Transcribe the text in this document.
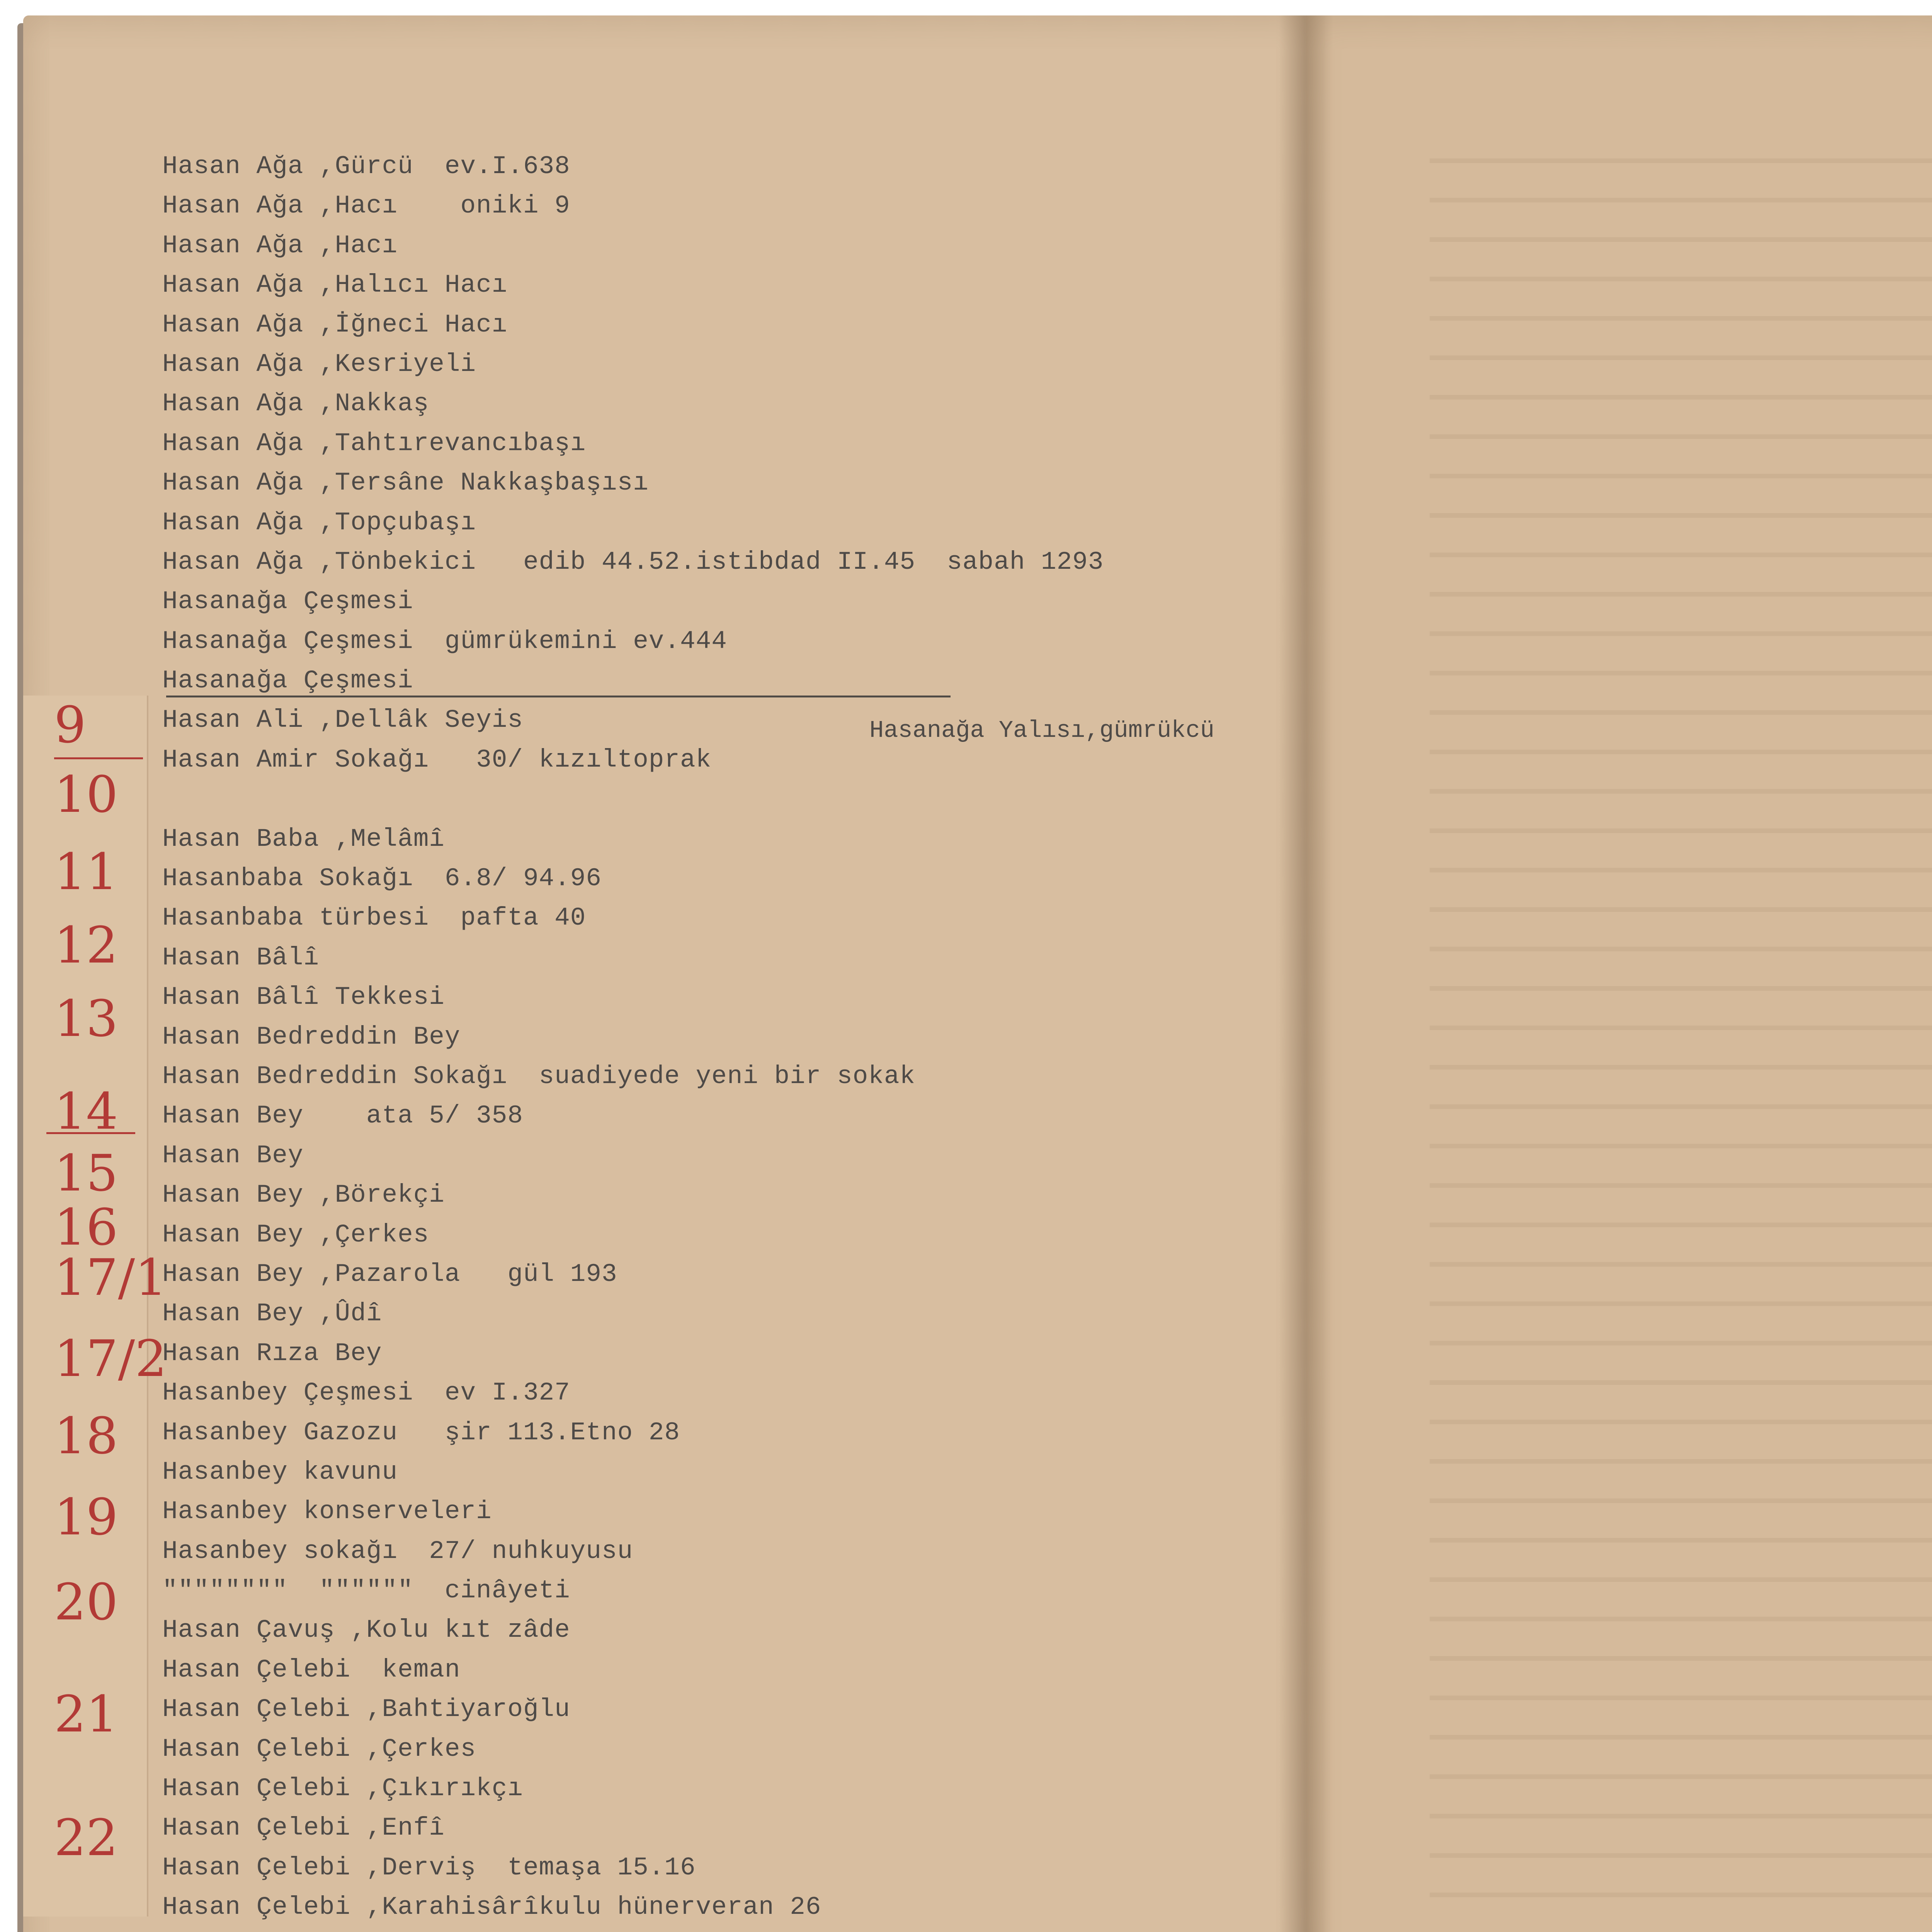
Hasan Ağa ,Gürcü  ev.I.638
Hasan Ağa ,Hacı    oniki 9
Hasan Ağa ,Hacı
Hasan Ağa ,Halıcı Hacı
Hasan Ağa ,İğneci Hacı
Hasan Ağa ,Kesriyeli
Hasan Ağa ,Nakkaş
Hasan Ağa ,Tahtırevancıbaşı
Hasan Ağa ,Tersâne Nakkaşbaşısı
Hasan Ağa ,Topçubaşı
Hasan Ağa ,Tönbekici   edib 44.52.istibdad II.45  sabah 1293
Hasanağa Çeşmesi
Hasanağa Çeşmesi  gümrükemini ev.444
Hasanağa Çeşmesi
Hasan Ali ,Dellâk Seyis
Hasan Amir Sokağı   30/ kızıltoprak
Hasan Baba ,Melâmî
Hasanbaba Sokağı  6.8/ 94.96
Hasanbaba türbesi  pafta 40
Hasan Bâlî
Hasan Bâlî Tekkesi
Hasan Bedreddin Bey
Hasan Bedreddin Sokağı  suadiyede yeni bir sokak
Hasan Bey    ata 5/ 358
Hasan Bey
Hasan Bey ,Börekçi
Hasan Bey ,Çerkes
Hasan Bey ,Pazarola   gül 193
Hasan Bey ,Ûdî
Hasan Rıza Bey
Hasanbey Çeşmesi  ev I.327
Hasanbey Gazozu   şir 113.Etno 28
Hasanbey kavunu
Hasanbey konserveleri
Hasanbey sokağı  27/ nuhkuyusu
""""""""  """"""  cinâyeti
Hasan Çavuş ,Kolu kıt zâde
Hasan Çelebi  keman
Hasan Çelebi ,Bahtiyaroğlu
Hasan Çelebi ,Çerkes
Hasan Çelebi ,Çıkırıkçı
Hasan Çelebi ,Enfî
Hasan Çelebi ,Derviş  temaşa 15.16
Hasan Çelebi ,Karahisârîkulu hünerveran 26
Hasanağa Yalısı,gümrükcü
9
10
11
12
13
14
15
16
17/1
17/2
18
19
20
21
22
